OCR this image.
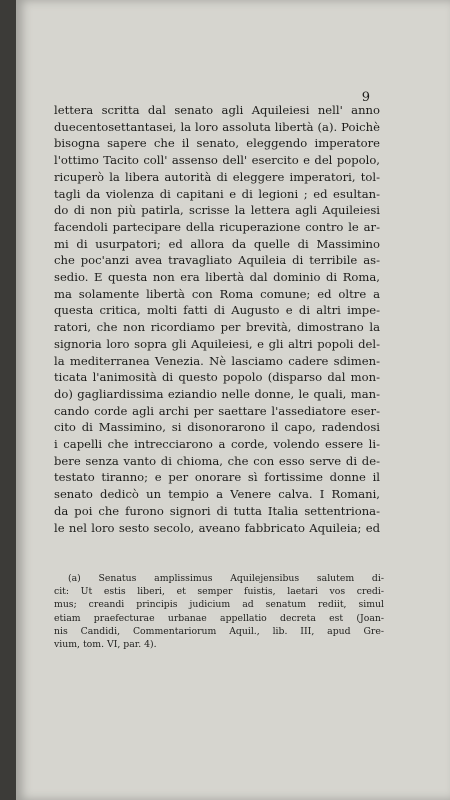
9
lettera scritta dal senato agli Aquileiesi nell' anno
duecentosettantasei, la loro assoluta libertà (a). Poichè
bisogna sapere che il senato, eleggendo imperatore
l'ottimo Tacito coll' assenso dell' esercito e del popolo,
ricuperò la libera autorità di eleggere imperatori, tol-
tagli da violenza di capitani e di legioni ; ed esultan-
do di non più patirla, scrisse la lettera agli Aquileiesi
facendoli partecipare della ricuperazione contro le ar-
mi di usurpatori; ed allora da quelle di Massimino
che poc'anzi avea travagliato Aquileia di terribile as-
sedio. E questa non era libertà dal dominio di Roma,
ma solamente libertà con Roma comune; ed oltre a
questa critica, molti fatti di Augusto e di altri impe-
ratori, che non ricordiamo per brevità, dimostrano la
signoria loro sopra gli Aquileiesi, e gli altri popoli del-
la mediterranea Venezia. Nè lasciamo cadere sdimen-
ticata l'animosità di questo popolo (disparso dal mon-
do) gagliardissima eziandio nelle donne, le quali, man-
cando corde agli archi per saettare l'assediatore eser-
cito di Massimino, si disonorarono il capo, radendosi
i capelli che intrecciarono a corde, volendo essere li-
bere senza vanto di chioma, che con esso serve di de-
testato tiranno; e per onorare sì fortissime donne il
senato dedicò un tempio a Venere calva. I Romani,
da poi che furono signori di tutta Italia settentriona-
le nel loro sesto secolo, aveano fabbricato Aquileia; ed
(a) Senatus amplissimus Aquilejensibus salutem di-
cit: Ut estis liberi, et semper fuistis, laetari vos credi-
mus; creandi principis judicium ad senatum rediit, simul
etiam praefecturae urbanae appellatio decreta est (Joan-
nis Candidi, Commentariorum Aquil., lib. III, apud Gre-
vium, tom. VI, par. 4).
